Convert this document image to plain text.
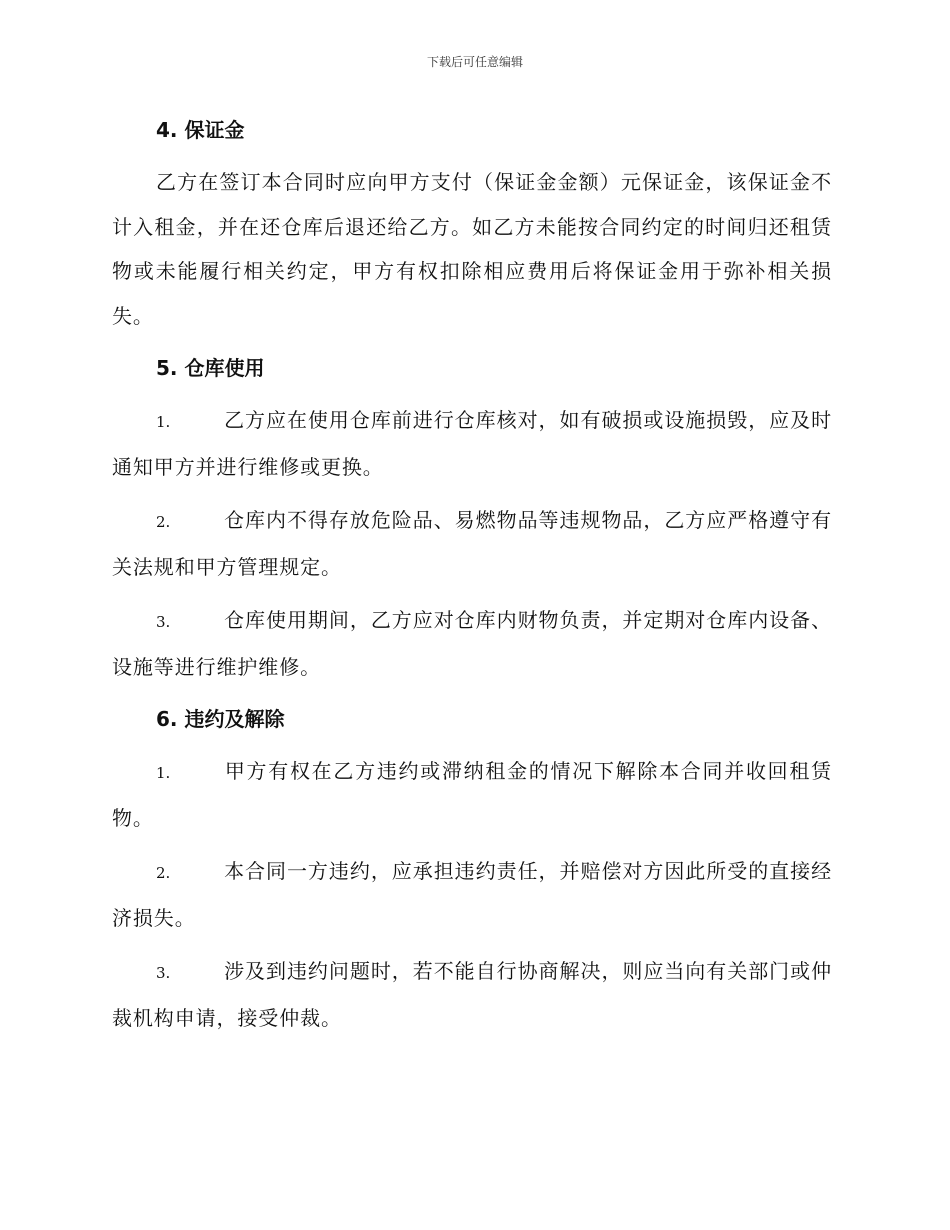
下载后可任意编辑
4. 保证金

乙方在签订本合同时应向甲方支付（保证金金额）元保证金，该保证金不计入租金，并在还仓库后退还给乙方。如乙方未能按合同约定的时间归还租赁物或未能履行相关约定，甲方有权扣除相应费用后将保证金用于弥补相关损失。

5. 仓库使用

1.	乙方应在使用仓库前进行仓库核对，如有破损或设施损毁，应及时通知甲方并进行维修或更换。

2.	仓库内不得存放危险品、易燃物品等违规物品，乙方应严格遵守有关法规和甲方管理规定。

3.	仓库使用期间，乙方应对仓库内财物负责，并定期对仓库内设备、设施等进行维护维修。

6. 违约及解除

1.	甲方有权在乙方违约或滞纳租金的情况下解除本合同并收回租赁物。

2.	本合同一方违约，应承担违约责任，并赔偿对方因此所受的直接经济损失。

3.	涉及到违约问题时，若不能自行协商解决，则应当向有关部门或仲裁机构申请，接受仲裁。
